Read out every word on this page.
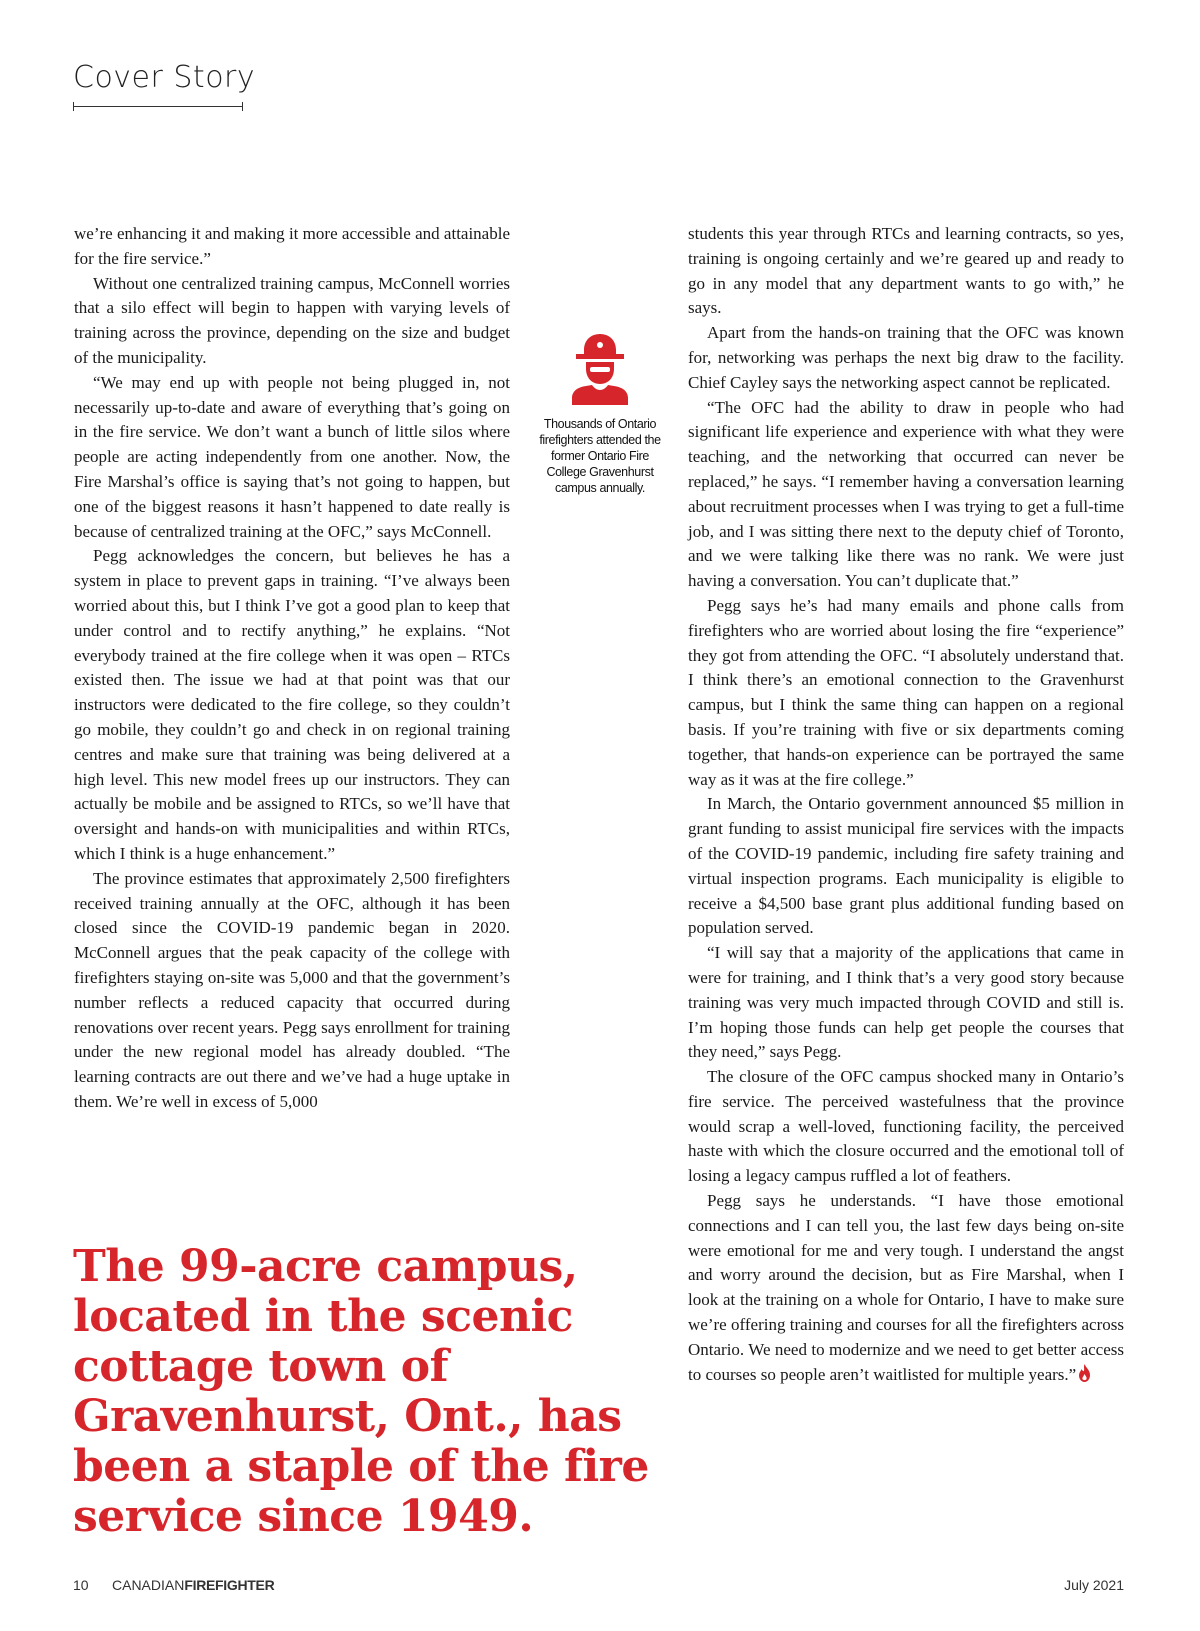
Cover Story

we’re enhancing it and making it more accessible and attainable for the fire service.”

Without one centralized training campus, McConnell worries that a silo effect will begin to happen with varying levels of training across the province, depending on the size and budget of the municipality.

“We may end up with people not being plugged in, not necessarily up-to-date and aware of everything that’s going on in the fire service. We don’t want a bunch of little silos where people are acting independently from one another. Now, the Fire Marshal’s office is saying that’s not going to happen, but one of the biggest reasons it hasn’t happened to date really is because of centralized training at the OFC,” says McConnell.

Pegg acknowledges the concern, but believes he has a system in place to prevent gaps in training. “I’ve always been worried about this, but I think I’ve got a good plan to keep that under control and to rectify anything,” he explains. “Not everybody trained at the fire college when it was open – RTCs existed then. The issue we had at that point was that our instructors were dedicated to the fire college, so they couldn’t go mobile, they couldn’t go and check in on regional training centres and make sure that training was being delivered at a high level. This new model frees up our instructors. They can actually be mobile and be assigned to RTCs, so we’ll have that oversight and hands-on with municipalities and within RTCs, which I think is a huge enhancement.”

The province estimates that approximately 2,500 firefighters received training annually at the OFC, although it has been closed since the COVID-19 pandemic began in 2020. McConnell argues that the peak capacity of the college with firefighters staying on-site was 5,000 and that the government’s number reflects a reduced capacity that occurred during renovations over recent years. Pegg says enrollment for training under the new regional model has already doubled. “The learning contracts are out there and we’ve had a huge uptake in them. We’re well in excess of 5,000

Thousands of Ontario firefighters attended the former Ontario Fire College Gravenhurst campus annually.

students this year through RTCs and learning contracts, so yes, training is ongoing certainly and we’re geared up and ready to go in any model that any department wants to go with,” he says.

Apart from the hands-on training that the OFC was known for, networking was perhaps the next big draw to the facility. Chief Cayley says the networking aspect cannot be replicated.

“The OFC had the ability to draw in people who had significant life experience and experience with what they were teaching, and the networking that occurred can never be replaced,” he says. “I remember having a conversation learning about recruitment processes when I was trying to get a full-time job, and I was sitting there next to the deputy chief of Toronto, and we were talking like there was no rank. We were just having a conversation. You can’t duplicate that.”

Pegg says he’s had many emails and phone calls from firefighters who are worried about losing the fire “experience” they got from attending the OFC. “I absolutely understand that. I think there’s an emotional connection to the Gravenhurst campus, but I think the same thing can happen on a regional basis. If you’re training with five or six departments coming together, that hands-on experience can be portrayed the same way as it was at the fire college.”

In March, the Ontario government announced $5 million in grant funding to assist municipal fire services with the impacts of the COVID-19 pandemic, including fire safety training and virtual inspection programs. Each municipality is eligible to receive a $4,500 base grant plus additional funding based on population served.

“I will say that a majority of the applications that came in were for training, and I think that’s a very good story because training was very much impacted through COVID and still is. I’m hoping those funds can help get people the courses that they need,” says Pegg.

The closure of the OFC campus shocked many in Ontario’s fire service. The perceived wastefulness that the province would scrap a well-loved, functioning facility, the perceived haste with which the closure occurred and the emotional toll of losing a legacy campus ruffled a lot of feathers.

Pegg says he understands. “I have those emotional connections and I can tell you, the last few days being on-site were emotional for me and very tough. I understand the angst and worry around the decision, but as Fire Marshal, when I look at the training on a whole for Ontario, I have to make sure we’re offering training and courses for all the firefighters across Ontario. We need to modernize and we need to get better access to courses so people aren’t waitlisted for multiple years.”

The 99-acre campus, located in the scenic cottage town of Gravenhurst, Ont., has been a staple of the fire service since 1949.
10 CANADIANFIREFIGHTER	July 2021
